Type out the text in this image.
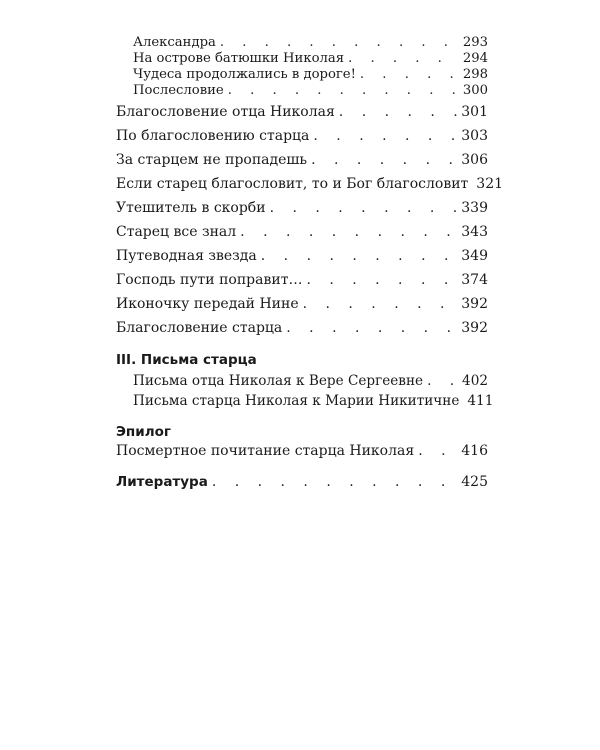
Александра . . .	293
На острове батюшки Николая . . .	294
Чудеса продолжались в дороге! . . .	298
Послесловие . . .	300
Благословение отца Николая . . .	301
По благословению старца . . .	303
За старцем не пропадешь . . .	306
Если старец благословит, то и Бог благословит 321
Утешитель в скорби . . .	339
Старец все знал . . .	343
Путеводная звезда . . .	349
Господь пути поправит… . . .	374
Иконочку передай Нине . . .	392
Благословение старца . . .	392
III. Письма старца
Письма отца Николая к Вере Сергеевне . . .	402
Письма старца Николая к Марии Никитичне 411
Эпилог
Посмертное почитание старца Николая . . .	416
Литература . . .	425
